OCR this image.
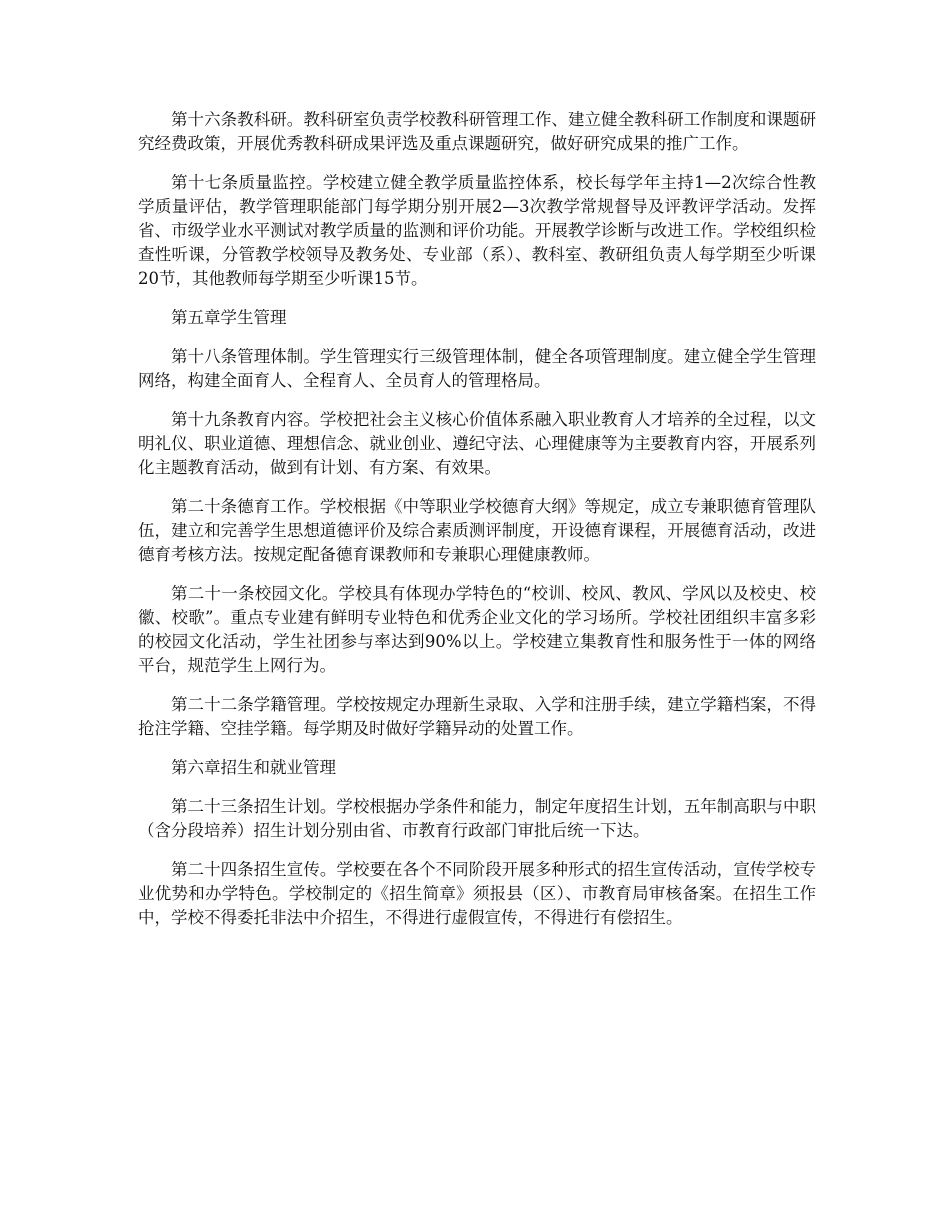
第十六条教科研。教科研室负责学校教科研管理工作、建立健全教科研工作制度和课题研究经费政策，开展优秀教科研成果评选及重点课题研究，做好研究成果的推广工作。

第十七条质量监控。学校建立健全教学质量监控体系，校长每学年主持1—2次综合性教学质量评估，教学管理职能部门每学期分别开展2—3次教学常规督导及评教评学活动。发挥省、市级学业水平测试对教学质量的监测和评价功能。开展教学诊断与改进工作。学校组织检查性听课，分管教学校领导及教务处、专业部（系）、教科室、教研组负责人每学期至少听课20节，其他教师每学期至少听课15节。

第五章学生管理

第十八条管理体制。学生管理实行三级管理体制，健全各项管理制度。建立健全学生管理网络，构建全面育人、全程育人、全员育人的管理格局。

第十九条教育内容。学校把社会主义核心价值体系融入职业教育人才培养的全过程，以文明礼仪、职业道德、理想信念、就业创业、遵纪守法、心理健康等为主要教育内容，开展系列化主题教育活动，做到有计划、有方案、有效果。

第二十条德育工作。学校根据《中等职业学校德育大纲》等规定，成立专兼职德育管理队伍，建立和完善学生思想道德评价及综合素质测评制度，开设德育课程，开展德育活动，改进德育考核方法。按规定配备德育课教师和专兼职心理健康教师。

第二十一条校园文化。学校具有体现办学特色的“校训、校风、教风、学风以及校史、校徽、校歌”。重点专业建有鲜明专业特色和优秀企业文化的学习场所。学校社团组织丰富多彩的校园文化活动，学生社团参与率达到90%以上。学校建立集教育性和服务性于一体的网络平台，规范学生上网行为。

第二十二条学籍管理。学校按规定办理新生录取、入学和注册手续，建立学籍档案，不得抢注学籍、空挂学籍。每学期及时做好学籍异动的处置工作。

第六章招生和就业管理

第二十三条招生计划。学校根据办学条件和能力，制定年度招生计划，五年制高职与中职（含分段培养）招生计划分别由省、市教育行政部门审批后统一下达。

第二十四条招生宣传。学校要在各个不同阶段开展多种形式的招生宣传活动，宣传学校专业优势和办学特色。学校制定的《招生简章》须报县（区）、市教育局审核备案。在招生工作中，学校不得委托非法中介招生，不得进行虚假宣传，不得进行有偿招生。
